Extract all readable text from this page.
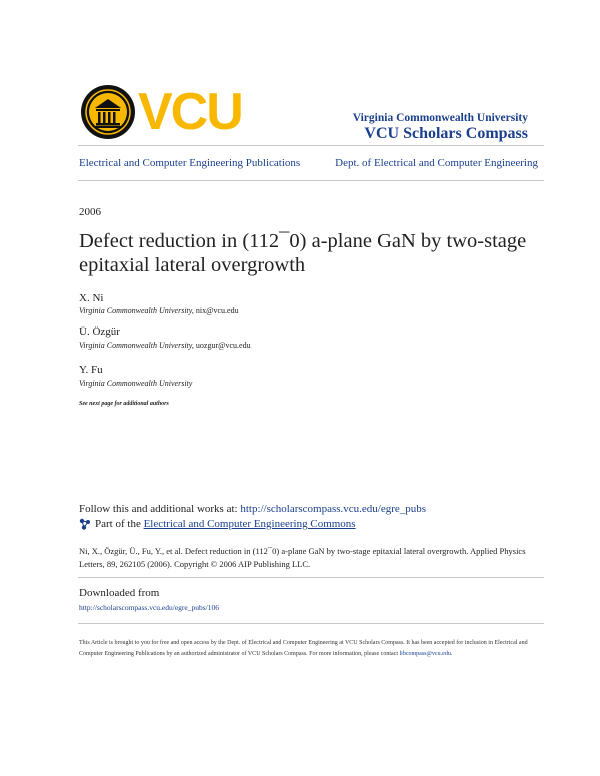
VCU	Virginia Commonwealth University
VCU Scholars Compass
Electrical and Computer Engineering Publications	Dept. of Electrical and Computer Engineering
2006
Defect reduction in (112¯0) a-plane GaN by two-stage epitaxial lateral overgrowth
X. Ni
Virginia Commonwealth University, nix@vcu.edu
Ü. Özgür
Virginia Commonwealth University, uozgur@vcu.edu
Y. Fu
Virginia Commonwealth University
See next page for additional authors
Follow this and additional works at: http://scholarscompass.vcu.edu/egre_pubs
Part of the
Electrical and Computer Engineering Commons
Ni, X., Özgür, Ü., Fu, Y., et al. Defect reduction in (112¯0) a-plane GaN by two-stage epitaxial lateral overgrowth. Applied Physics Letters, 89, 262105 (2006). Copyright © 2006 AIP Publishing LLC.
Downloaded from
http://scholarscompass.vcu.edu/egre_pubs/106
This Article is brought to you for free and open access by the Dept. of Electrical and Computer Engineering at VCU Scholars Compass. It has been accepted for inclusion in Electrical and Computer Engineering Publications by an authorized administrator of VCU Scholars Compass. For more information, please contact libcompass@vcu.edu.
